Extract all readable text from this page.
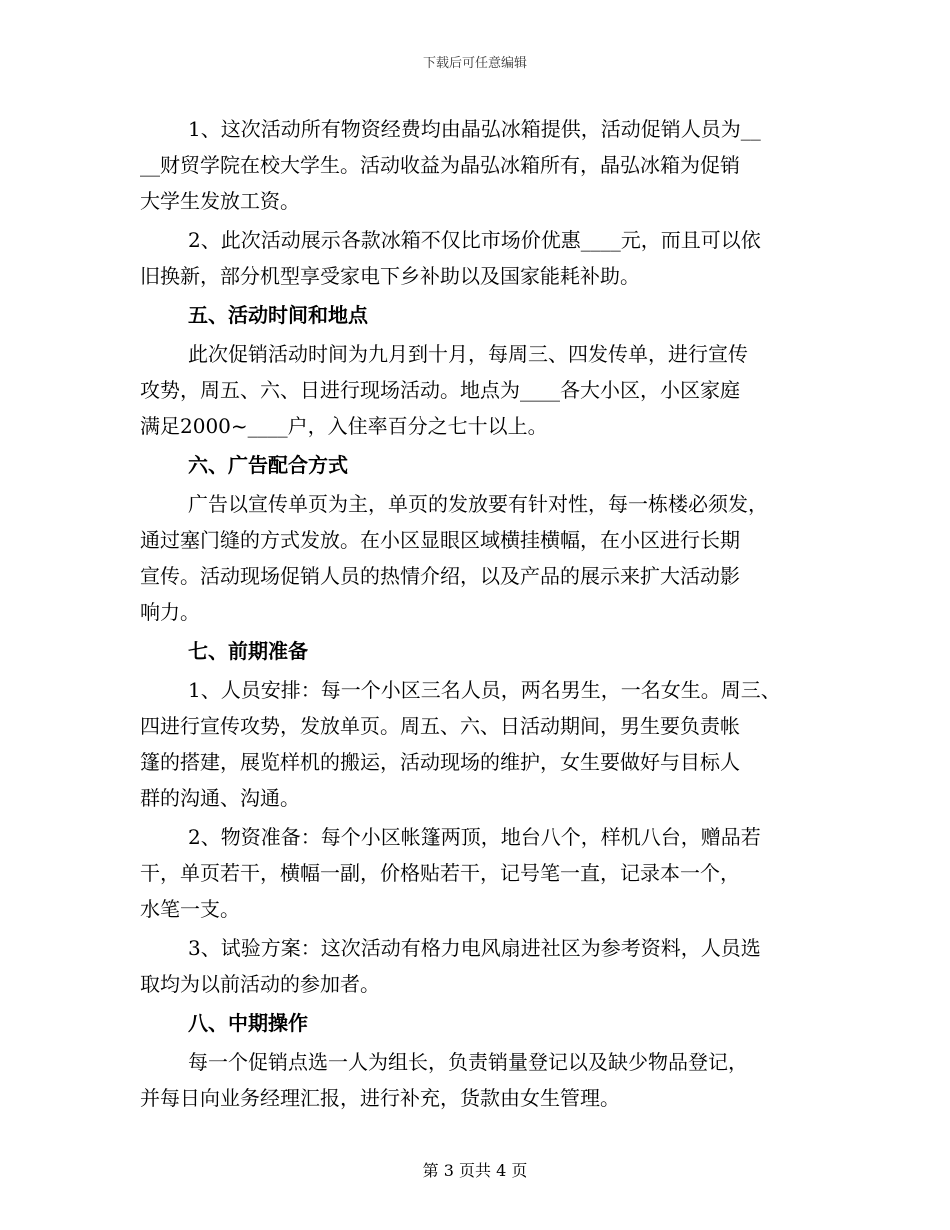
下载后可任意编辑
1、这次活动所有物资经费均由晶弘冰箱提供，活动促销人员为__
__财贸学院在校大学生。活动收益为晶弘冰箱所有，晶弘冰箱为促销
大学生发放工资。
2、此次活动展示各款冰箱不仅比市场价优惠____元，而且可以依
旧换新，部分机型享受家电下乡补助以及国家能耗补助。
五、活动时间和地点
此次促销活动时间为九月到十月，每周三、四发传单，进行宣传
攻势，周五、六、日进行现场活动。地点为____各大小区，小区家庭
满足2000~____户，入住率百分之七十以上。
六、广告配合方式
广告以宣传单页为主，单页的发放要有针对性，每一栋楼必须发，
通过塞门缝的方式发放。在小区显眼区域横挂横幅，在小区进行长期
宣传。活动现场促销人员的热情介绍，以及产品的展示来扩大活动影
响力。
七、前期准备
1、人员安排：每一个小区三名人员，两名男生，一名女生。周三、
四进行宣传攻势，发放单页。周五、六、日活动期间，男生要负责帐
篷的搭建，展览样机的搬运，活动现场的维护，女生要做好与目标人
群的沟通、沟通。
2、物资准备：每个小区帐篷两顶，地台八个，样机八台，赠品若
干，单页若干，横幅一副，价格贴若干，记号笔一直，记录本一个，
水笔一支。
3、试验方案：这次活动有格力电风扇进社区为参考资料，人员选
取均为以前活动的参加者。
八、中期操作
每一个促销点选一人为组长，负责销量登记以及缺少物品登记，
并每日向业务经理汇报，进行补充，货款由女生管理。
第 3 页共 4 页
